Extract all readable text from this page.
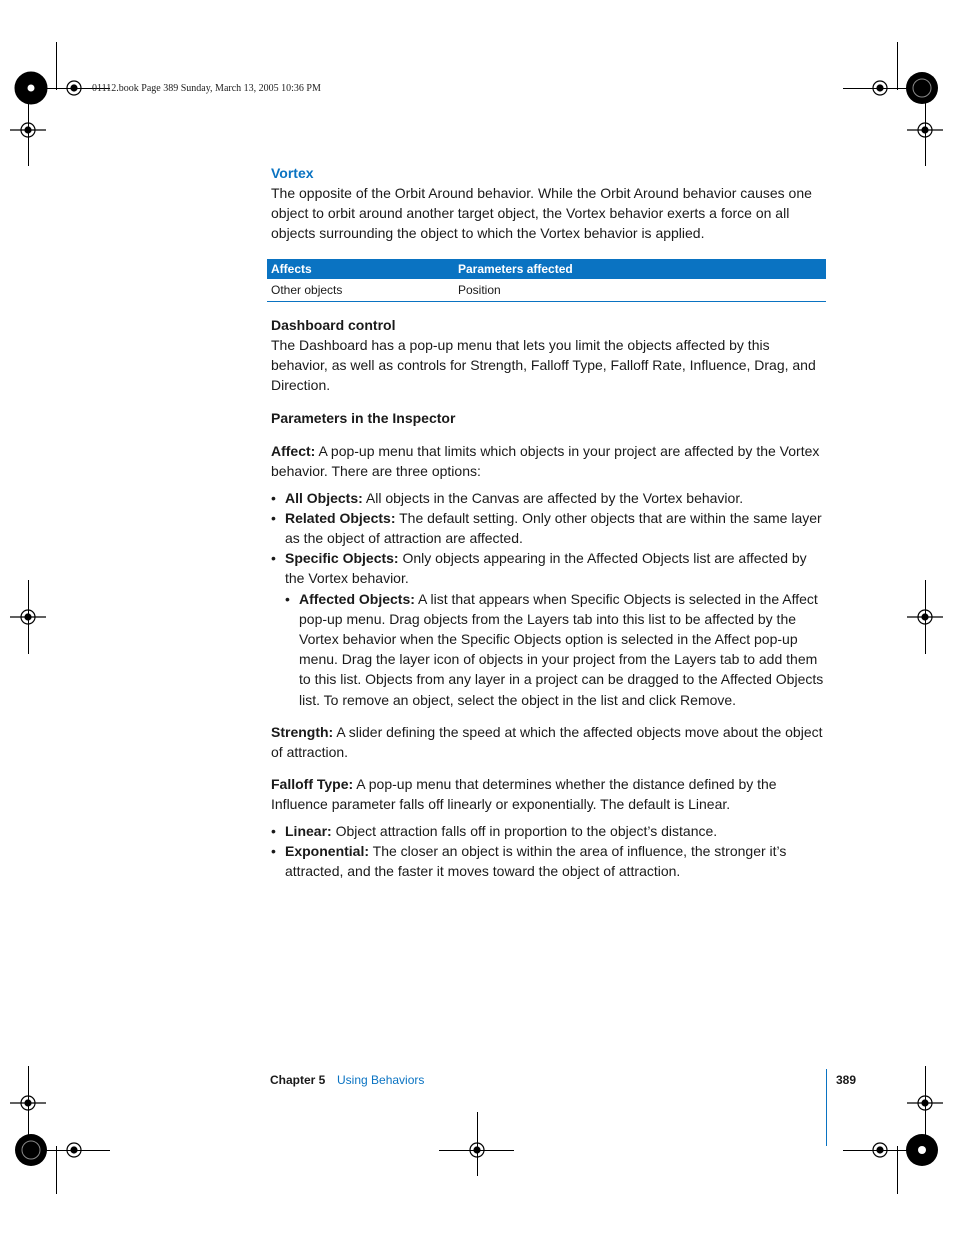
01112.book Page 389 Sunday, March 13, 2005 10:36 PM
Vortex

The opposite of the Orbit Around behavior. While the Orbit Around behavior causes one object to orbit around another target object, the Vortex behavior exerts a force on all objects surrounding the object to which the Vortex behavior is applied.

Affects	Parameters affected
Other objects	Position
Dashboard control

The Dashboard has a pop-up menu that lets you limit the objects affected by this behavior, as well as controls for Strength, Falloff Type, Falloff Rate, Influence, Drag, and Direction.

Parameters in the Inspector

Affect: A pop-up menu that limits which objects in your project are affected by the Vortex behavior. There are three options:

• All Objects: All objects in the Canvas are affected by the Vortex behavior.
• Related Objects: The default setting. Only other objects that are within the same layer as the object of attraction are affected.
• Specific Objects: Only objects appearing in the Affected Objects list are affected by the Vortex behavior.
• Affected Objects: A list that appears when Specific Objects is selected in the Affect pop-up menu. Drag objects from the Layers tab into this list to be affected by the Vortex behavior when the Specific Objects option is selected in the Affect pop-up menu. Drag the layer icon of objects in your project from the Layers tab to add them to this list. Objects from any layer in a project can be dragged to the Affected Objects list. To remove an object, select the object in the list and click Remove.

Strength: A slider defining the speed at which the affected objects move about the object of attraction.

Falloff Type: A pop-up menu that determines whether the distance defined by the Influence parameter falls off linearly or exponentially. The default is Linear.

• Linear: Object attraction falls off in proportion to the object’s distance.
• Exponential: The closer an object is within the area of influence, the stronger it’s attracted, and the faster it moves toward the object of attraction.
Chapter 5 Using Behaviors	389
